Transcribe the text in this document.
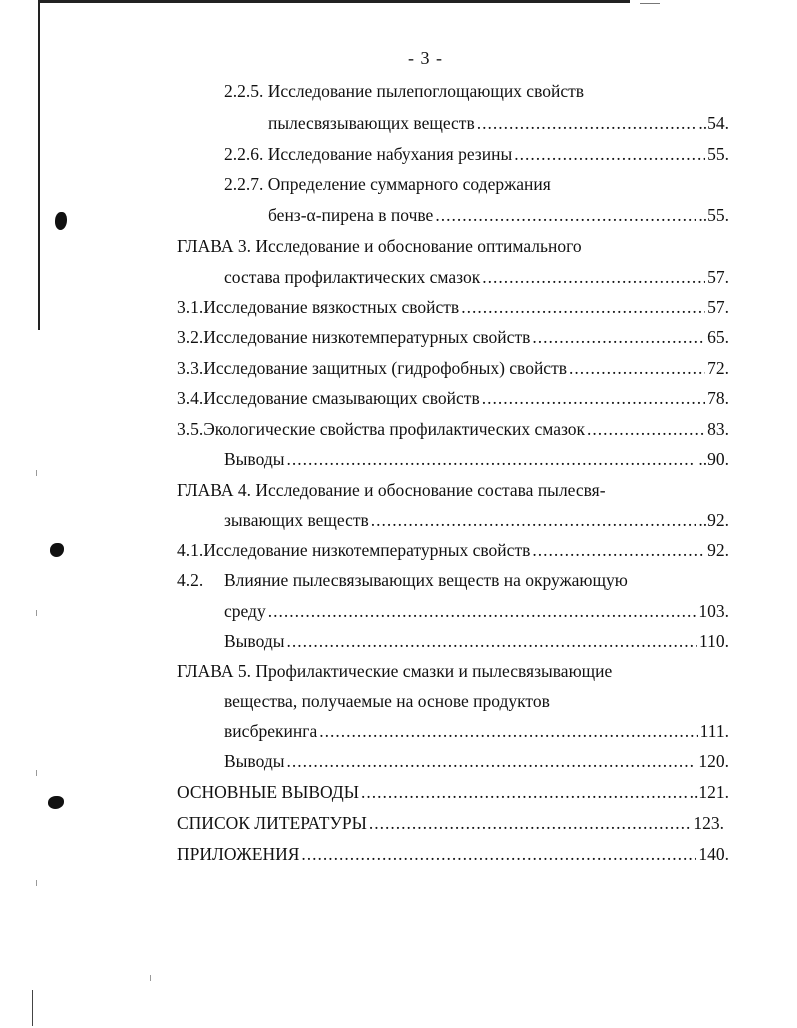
- 3 -
2.2.5. Исследование пылепоглощающих свойств
пылесвязывающих веществ .....	..54.
2.2.6. Исследование набухания резины .....	55.
2.2.7. Определение суммарного содержания
бенз-α-пирена в почве .....	..55.
ГЛАВА 3. Исследование и обоснование оптимального
состава профилактических смазок .....	57.
3.1. Исследование вязкостных свойств .....	57.
3.2. Исследование низкотемпературных свойств .....	65.
3.3. Исследование защитных (гидрофобных) свойств .....	72.
3.4. Исследование смазывающих свойств .....	78.
3.5. Экологические свойства профилактических смазок .....	83.
Выводы .....	..90.
ГЛАВА 4. Исследование и обоснование состава пылесвя-
зывающих веществ .....	..92.
4.1. Исследование низкотемпературных свойств .....	92.
4.2.	Влияние пылесвязывающих веществ на окружающую
среду .....	103.
Выводы .....	110.
ГЛАВА 5. Профилактические смазки и пылесвязывающие
вещества, получаемые на основе продуктов
висбрекинга .....	111.
Выводы .....	120.
ОСНОВНЫЕ ВЫВОДЫ .....	..121.
СПИСОК ЛИТЕРАТУРЫ .....	123.
ПРИЛОЖЕНИЯ .....	140.
